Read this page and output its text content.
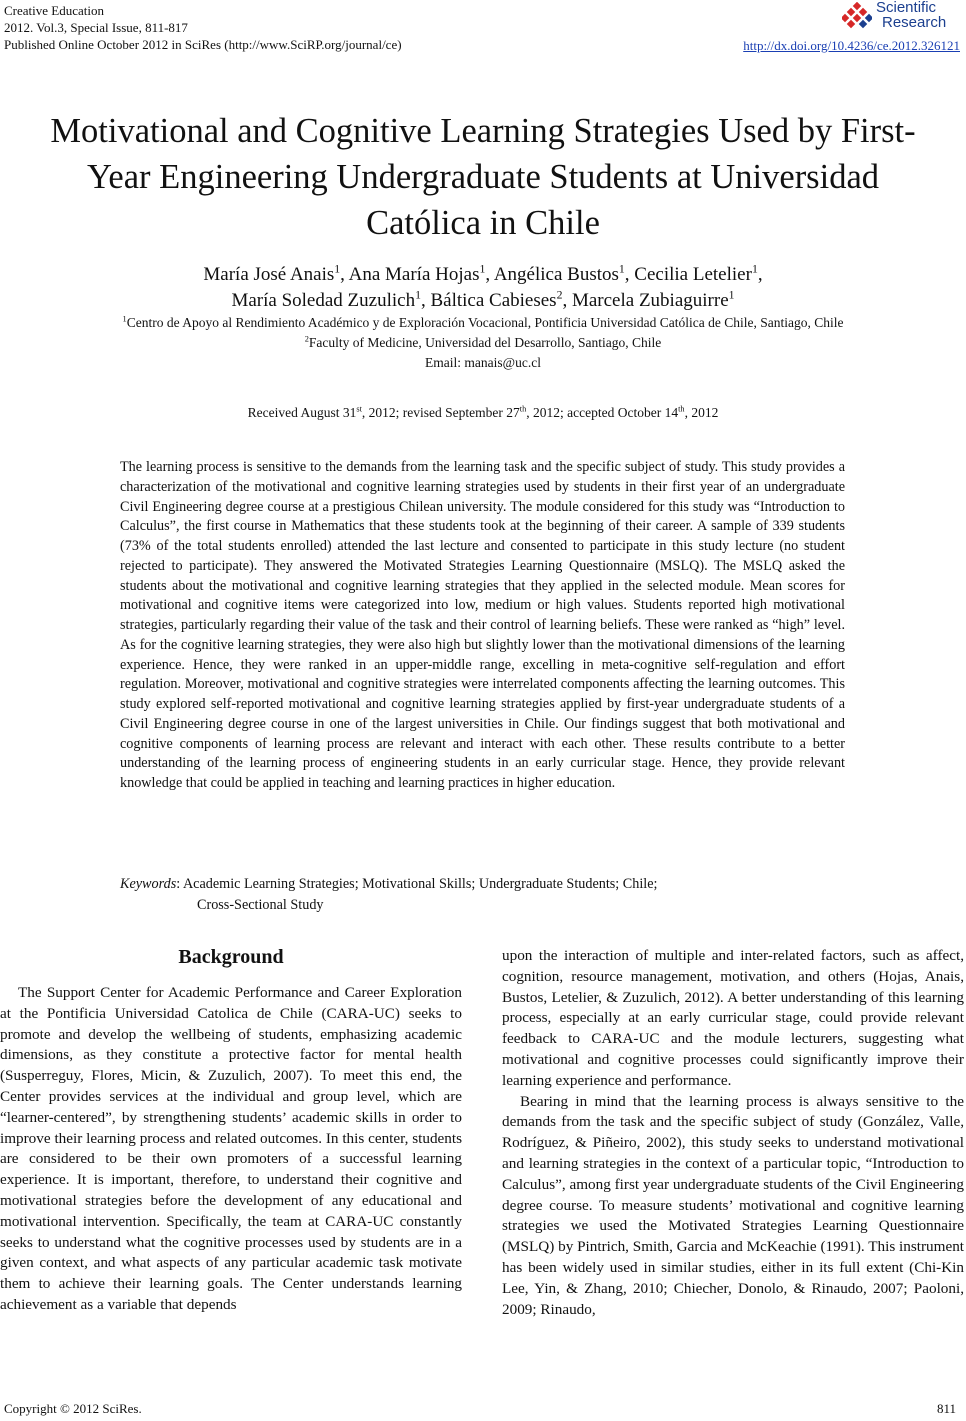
Creative Education
2012. Vol.3, Special Issue, 811-817
Published Online October 2012 in SciRes (http://www.SciRP.org/journal/ce)
Scientific
Research
http://dx.doi.org/10.4236/ce.2012.326121
Motivational and Cognitive Learning Strategies Used by First-Year Engineering Undergraduate Students at Universidad Católica in Chile
María José Anais$^1$, Ana María Hojas$^1$, Angélica Bustos$^1$, Cecilia Letelier$^1$,
María Soledad Zuzulich$^1$, Báltica Cabieses$^2$, Marcela Zubiaguirre$^1$
$^1$Centro de Apoyo al Rendimiento Académico y de Exploración Vocacional, Pontificia Universidad Católica de Chile, Santiago, Chile
$^2$Faculty of Medicine, Universidad del Desarrollo, Santiago, Chile
Email: manais@uc.cl
Received August 31st, 2012; revised September 27th, 2012; accepted October 14th, 2012
The learning process is sensitive to the demands from the learning task and the specific subject of study. This study provides a characterization of the motivational and cognitive learning strategies used by students in their first year of an undergraduate Civil Engineering degree course at a prestigious Chilean university. The module considered for this study was “Introduction to Calculus”, the first course in Mathematics that these students took at the beginning of their career. A sample of 339 students (73% of the total students enrolled) attended the last lecture and consented to participate in this study lecture (no student rejected to participate). They answered the Motivated Strategies Learning Questionnaire (MSLQ). The MSLQ asked the students about the motivational and cognitive learning strategies that they applied in the selected module. Mean scores for motivational and cognitive items were categorized into low, medium or high values. Students reported high motivational strategies, particularly regarding their value of the task and their control of learning beliefs. These were ranked as “high” level. As for the cognitive learning strategies, they were also high but slightly lower than the motivational dimensions of the learning experience. Hence, they were ranked in an upper-middle range, excelling in meta-cognitive self-regulation and effort regulation. Moreover, motivational and cognitive strategies were interrelated components affecting the learning outcomes. This study explored self-reported motivational and cognitive learning strategies applied by first-year undergraduate students of a Civil Engineering degree course in one of the largest universities in Chile. Our findings suggest that both motivational and cognitive components of learning process are relevant and interact with each other. These results contribute to a better understanding of the learning process of engineering students in an early curricular stage. Hence, they provide relevant knowledge that could be applied in teaching and learning practices in higher education.
Keywords: Academic Learning Strategies; Motivational Skills; Undergraduate Students; Chile;
Cross-Sectional Study
Background

The Support Center for Academic Performance and Career Exploration at the Pontificia Universidad Catolica de Chile (CARA-UC) seeks to promote and develop the wellbeing of students, emphasizing academic dimensions, as they constitute a protective factor for mental health (Susperreguy, Flores, Micin, & Zuzulich, 2007). To meet this end, the Center provides services at the individual and group level, which are “learner-centered”, by strengthening students’ academic skills in order to improve their learning process and related outcomes. In this center, students are considered to be their own promoters of a successful learning experience. It is important, therefore, to understand their cognitive and motivational strategies before the development of any educational and motivational intervention. Specifically, the team at CARA-UC constantly seeks to understand what the cognitive processes used by students are in a given context, and what aspects of any particular academic task motivate them to achieve their learning goals. The Center understands learning achievement as a variable that depends

upon the interaction of multiple and inter-related factors, such as affect, cognition, resource management, motivation, and others (Hojas, Anais, Bustos, Letelier, & Zuzulich, 2012). A better understanding of this learning process, especially at an early curricular stage, could provide relevant feedback to CARA-UC and the module lecturers, suggesting what motivational and cognitive processes could significantly improve their learning experience and performance.

Bearing in mind that the learning process is always sensitive to the demands from the task and the specific subject of study (González, Valle, Rodríguez, & Piñeiro, 2002), this study seeks to understand motivational and learning strategies in the context of a particular topic, “Introduction to Calculus”, among first year undergraduate students of the Civil Engineering degree course. To measure students’ motivational and cognitive learning strategies we used the Motivated Strategies Learning Questionnaire (MSLQ) by Pintrich, Smith, Garcia and McKeachie (1991). This instrument has been widely used in similar studies, either in its full extent (Chi-Kin Lee, Yin, & Zhang, 2010; Chiecher, Donolo, & Rinaudo, 2007; Paoloni, 2009; Rinaudo,

Copyright © 2012 SciRes.	811
